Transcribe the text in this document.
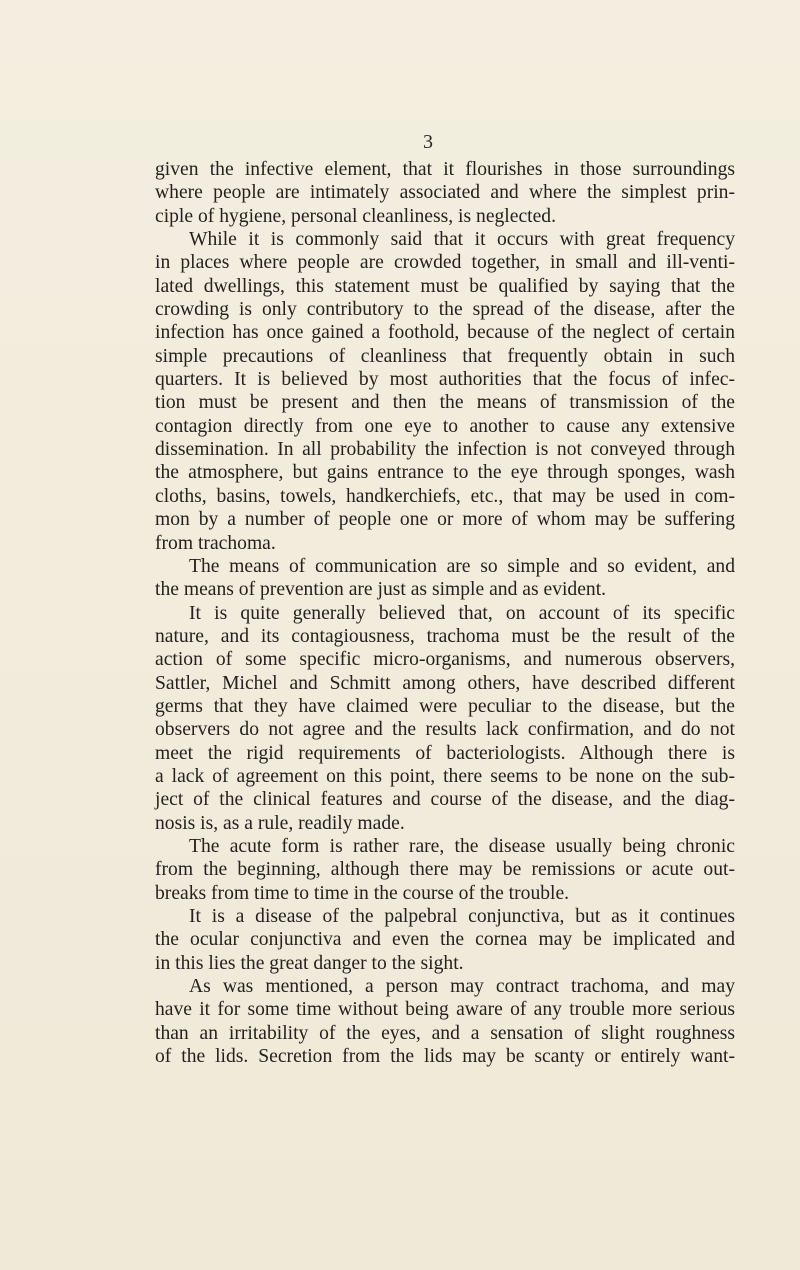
3
given the infective element, that it flourishes in those surroundings
where people are intimately associated and where the simplest prin-
ciple of hygiene, personal cleanliness, is neglected.
While it is commonly said that it occurs with great frequency
in places where people are crowded together, in small and ill-venti-
lated dwellings, this statement must be qualified by saying that the
crowding is only contributory to the spread of the disease, after the
infection has once gained a foothold, because of the neglect of certain
simple precautions of cleanliness that frequently obtain in such
quarters. It is believed by most authorities that the focus of infec-
tion must be present and then the means of transmission of the
contagion directly from one eye to another to cause any extensive
dissemination. In all probability the infection is not conveyed through
the atmosphere, but gains entrance to the eye through sponges, wash
cloths, basins, towels, handkerchiefs, etc., that may be used in com-
mon by a number of people one or more of whom may be suffering
from trachoma.
The means of communication are so simple and so evident, and
the means of prevention are just as simple and as evident.
It is quite generally believed that, on account of its specific
nature, and its contagiousness, trachoma must be the result of the
action of some specific micro-organisms, and numerous observers,
Sattler, Michel and Schmitt among others, have described different
germs that they have claimed were peculiar to the disease, but the
observers do not agree and the results lack confirmation, and do not
meet the rigid requirements of bacteriologists. Although there is
a lack of agreement on this point, there seems to be none on the sub-
ject of the clinical features and course of the disease, and the diag-
nosis is, as a rule, readily made.
The acute form is rather rare, the disease usually being chronic
from the beginning, although there may be remissions or acute out-
breaks from time to time in the course of the trouble.
It is a disease of the palpebral conjunctiva, but as it continues
the ocular conjunctiva and even the cornea may be implicated and
in this lies the great danger to the sight.
As was mentioned, a person may contract trachoma, and may
have it for some time without being aware of any trouble more serious
than an irritability of the eyes, and a sensation of slight roughness
of the lids. Secretion from the lids may be scanty or entirely want-
